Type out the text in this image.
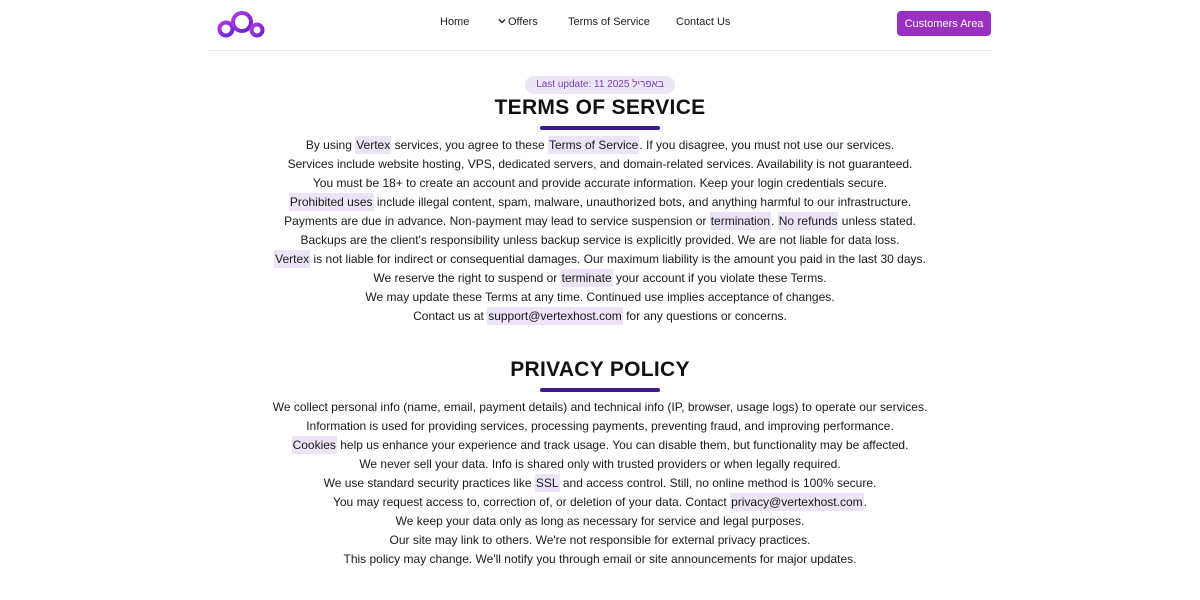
Home	Offers	Terms of Service Contact Us	Customers Area
Last update: 11 באפריל 2025
TERMS OF SERVICE

By using Vertex services, you agree to these Terms of Service. If you disagree, you must not use our services.

Services include website hosting, VPS, dedicated servers, and domain-related services. Availability is not guaranteed.

You must be 18+ to create an account and provide accurate information. Keep your login credentials secure.

Prohibited uses include illegal content, spam, malware, unauthorized bots, and anything harmful to our infrastructure.

Payments are due in advance. Non-payment may lead to service suspension or termination. No refunds unless stated.

Backups are the client's responsibility unless backup service is explicitly provided. We are not liable for data loss.

Vertex is not liable for indirect or consequential damages. Our maximum liability is the amount you paid in the last 30 days.

We reserve the right to suspend or terminate your account if you violate these Terms.

We may update these Terms at any time. Continued use implies acceptance of changes.

Contact us at support@vertexhost.com for any questions or concerns.

PRIVACY POLICY

We collect personal info (name, email, payment details) and technical info (IP, browser, usage logs) to operate our services.

Information is used for providing services, processing payments, preventing fraud, and improving performance.

Cookies help us enhance your experience and track usage. You can disable them, but functionality may be affected.

We never sell your data. Info is shared only with trusted providers or when legally required.

We use standard security practices like SSL and access control. Still, no online method is 100% secure.

You may request access to, correction of, or deletion of your data. Contact privacy@vertexhost.com.

We keep your data only as long as necessary for service and legal purposes.

Our site may link to others. We're not responsible for external privacy practices.

This policy may change. We'll notify you through email or site announcements for major updates.
